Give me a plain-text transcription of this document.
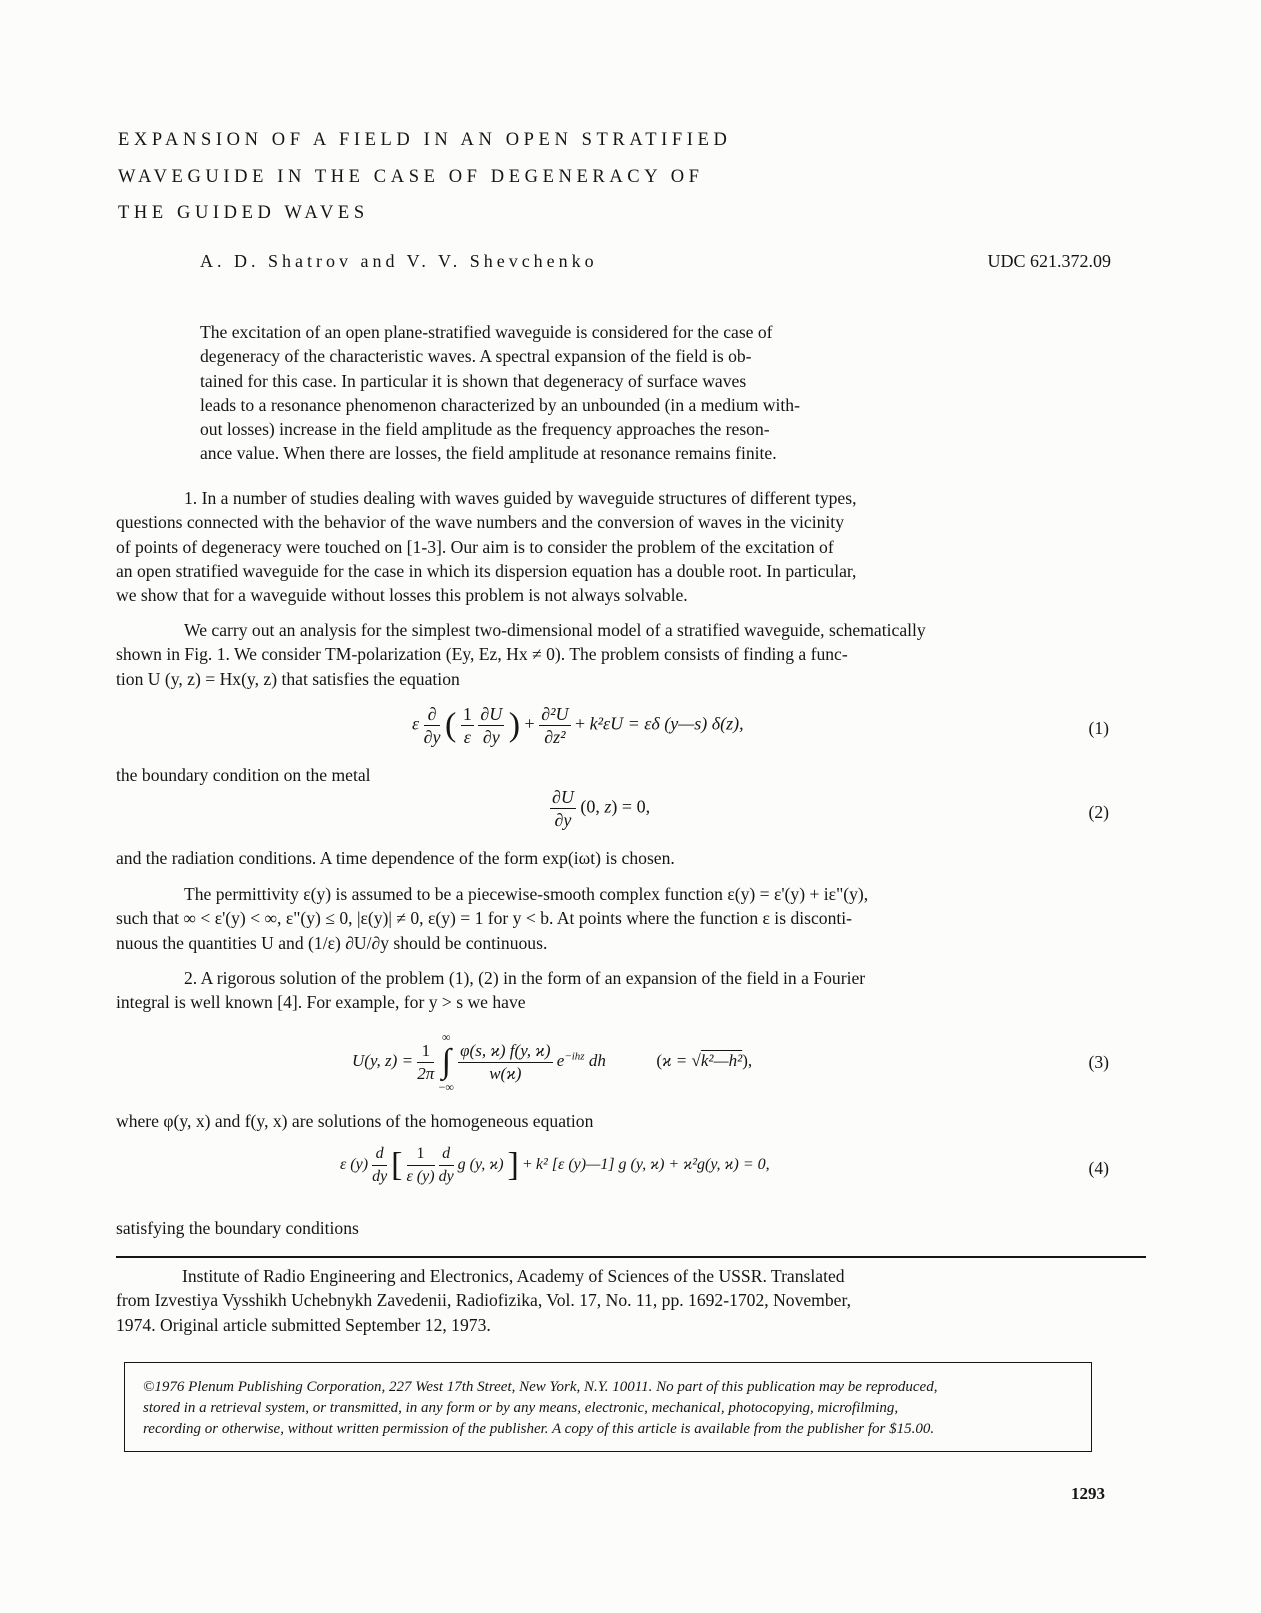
EXPANSION OF A FIELD IN AN OPEN STRATIFIED
WAVEGUIDE IN THE CASE OF DEGENERACY OF
THE GUIDED WAVES
A. D. Shatrov and V. V. Shevchenko	UDC 621.372.09
The excitation of an open plane-stratified waveguide is considered for the case of
degeneracy of the characteristic waves. A spectral expansion of the field is ob-
tained for this case. In particular it is shown that degeneracy of surface waves
leads to a resonance phenomenon characterized by an unbounded (in a medium with-
out losses) increase in the field amplitude as the frequency approaches the reson-
ance value. When there are losses, the field amplitude at resonance remains finite.
1. In a number of studies dealing with waves guided by waveguide structures of different types,
questions connected with the behavior of the wave numbers and the conversion of waves in the vicinity
of points of degeneracy were touched on [1-3]. Our aim is to consider the problem of the excitation of
an open stratified waveguide for the case in which its dispersion equation has a double root. In particular,
we show that for a waveguide without losses this problem is not always solvable.
We carry out an analysis for the simplest two-dimensional model of a stratified waveguide, schematically
shown in Fig. 1. We consider TM-polarization (Ey, Ez, Hx ≠ 0). The problem consists of finding a func-
tion U (y, z) = Hx(y, z) that satisfies the equation
ε $\frac{\partial}{\partial y}$ ( $\frac{1}{\varepsilon}$
$\frac{\partial U}{\partial y}$ ) + $\frac{\text{∂²U}}{\text{∂z²}} + k^2\varepsilon U = \varepsilon\delta$ (y—s) δ(z),	(1)
the boundary condition on the metal
$\frac{\partial U}{\partial y} (0$, z) = 0,	(2)
and the radiation conditions. A time dependence of the form exp(iωt) is chosen.
The permittivity ε(y) is assumed to be a piecewise-smooth complex function ε(y) = ε'(y) + iε"(y),
such that ∞ < ε'(y) < ∞, ε"(y) ≤ 0, |ε(y)| ≠ 0, ε(y) = 1 for y < b. At points where the function ε is disconti-
nuous the quantities U and (1/ε) ∂U/∂y should be continuous.
2. A rigorous solution of the problem (1), (2) in the form of an expansion of the field in a Fourier
integral is well known [4]. For example, for y > s we have
U(y, $z) = \frac{1}{2\pi}$

∞
∫
−∞

$\frac{\varphi(s, ϰ) f(y, ϰ)}{w(ϰ)} e^{-ihz}$ dh	(ϰ = √k²—h²),	(3)
where φ(y, x) and f(y, x) are solutions of the homogeneous equation
ε $(y) \frac{d}{dy}$ [ $\frac{1}{\varepsilon (y)}$
$\frac{d}{dy}$ g (y, ϰ) ] + k² [ε (y)—1] g (y, ϰ) + ϰ²g(y, ϰ) = 0,	(4)
satisfying the boundary conditions
Institute of Radio Engineering and Electronics, Academy of Sciences of the USSR. Translated
from Izvestiya Vysshikh Uchebnykh Zavedenii, Radiofizika, Vol. 17, No. 11, pp. 1692-1702, November,
1974. Original article submitted September 12, 1973.
©1976 Plenum Publishing Corporation, 227 West 17th Street, New York, N.Y. 10011. No part of this publication may be reproduced,
stored in a retrieval system, or transmitted, in any form or by any means, electronic, mechanical, photocopying, microfilming,
recording or otherwise, without written permission of the publisher. A copy of this article is available from the publisher for $15.00.
1293
